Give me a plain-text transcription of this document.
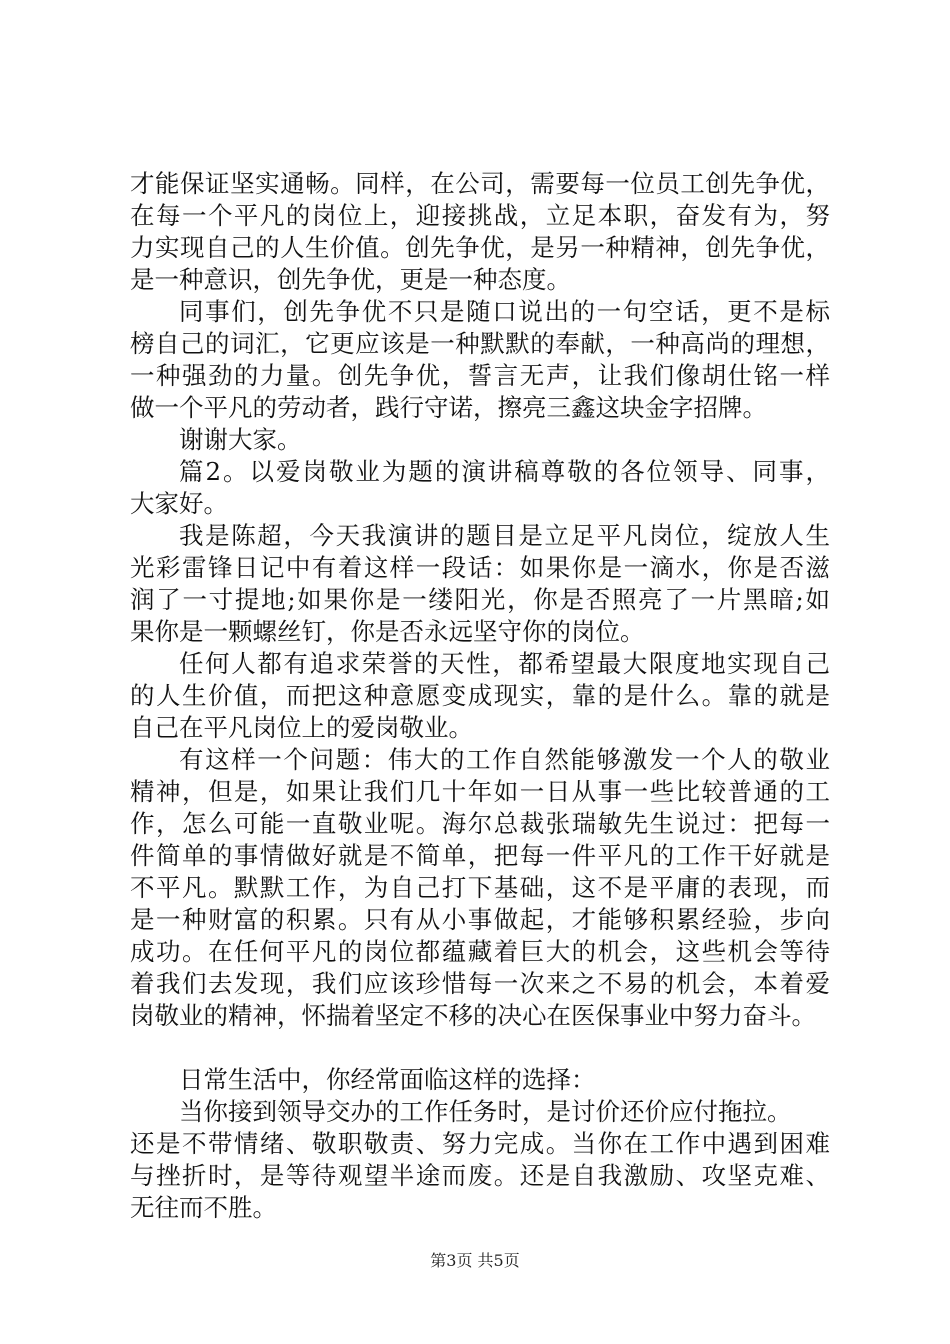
才能保证坚实通畅。同样，在公司，需要每一位员工创先争优，
在每一个平凡的岗位上，迎接挑战，立足本职，奋发有为，努
力实现自己的人生价值。创先争优，是另一种精神，创先争优，
是一种意识，创先争优，更是一种态度。
同事们，创先争优不只是随口说出的一句空话，更不是标
榜自己的词汇，它更应该是一种默默的奉献，一种高尚的理想，
一种强劲的力量。创先争优，誓言无声，让我们像胡仕铭一样
做一个平凡的劳动者，践行守诺，擦亮三鑫这块金字招牌。
谢谢大家。
篇2。以爱岗敬业为题的演讲稿尊敬的各位领导、同事，
大家好。
我是陈超，今天我演讲的题目是立足平凡岗位，绽放人生
光彩雷锋日记中有着这样一段话：如果你是一滴水，你是否滋
润了一寸提地;如果你是一缕阳光，你是否照亮了一片黑暗;如
果你是一颗螺丝钉，你是否永远坚守你的岗位。
任何人都有追求荣誉的天性，都希望最大限度地实现自己
的人生价值，而把这种意愿变成现实，靠的是什么。靠的就是
自己在平凡岗位上的爱岗敬业。
有这样一个问题：伟大的工作自然能够激发一个人的敬业
精神，但是，如果让我们几十年如一日从事一些比较普通的工
作，怎么可能一直敬业呢。海尔总裁张瑞敏先生说过：把每一
件简单的事情做好就是不简单，把每一件平凡的工作干好就是
不平凡。默默工作，为自己打下基础，这不是平庸的表现，而
是一种财富的积累。只有从小事做起，才能够积累经验，步向
成功。在任何平凡的岗位都蕴藏着巨大的机会，这些机会等待
着我们去发现，我们应该珍惜每一次来之不易的机会，本着爱
岗敬业的精神，怀揣着坚定不移的决心在医保事业中努力奋斗。
日常生活中，你经常面临这样的选择：
当你接到领导交办的工作任务时，是讨价还价应付拖拉。
还是不带情绪、敬职敬责、努力完成。当你在工作中遇到困难
与挫折时，是等待观望半途而废。还是自我激励、攻坚克难、
无往而不胜。
第3页 共5页
